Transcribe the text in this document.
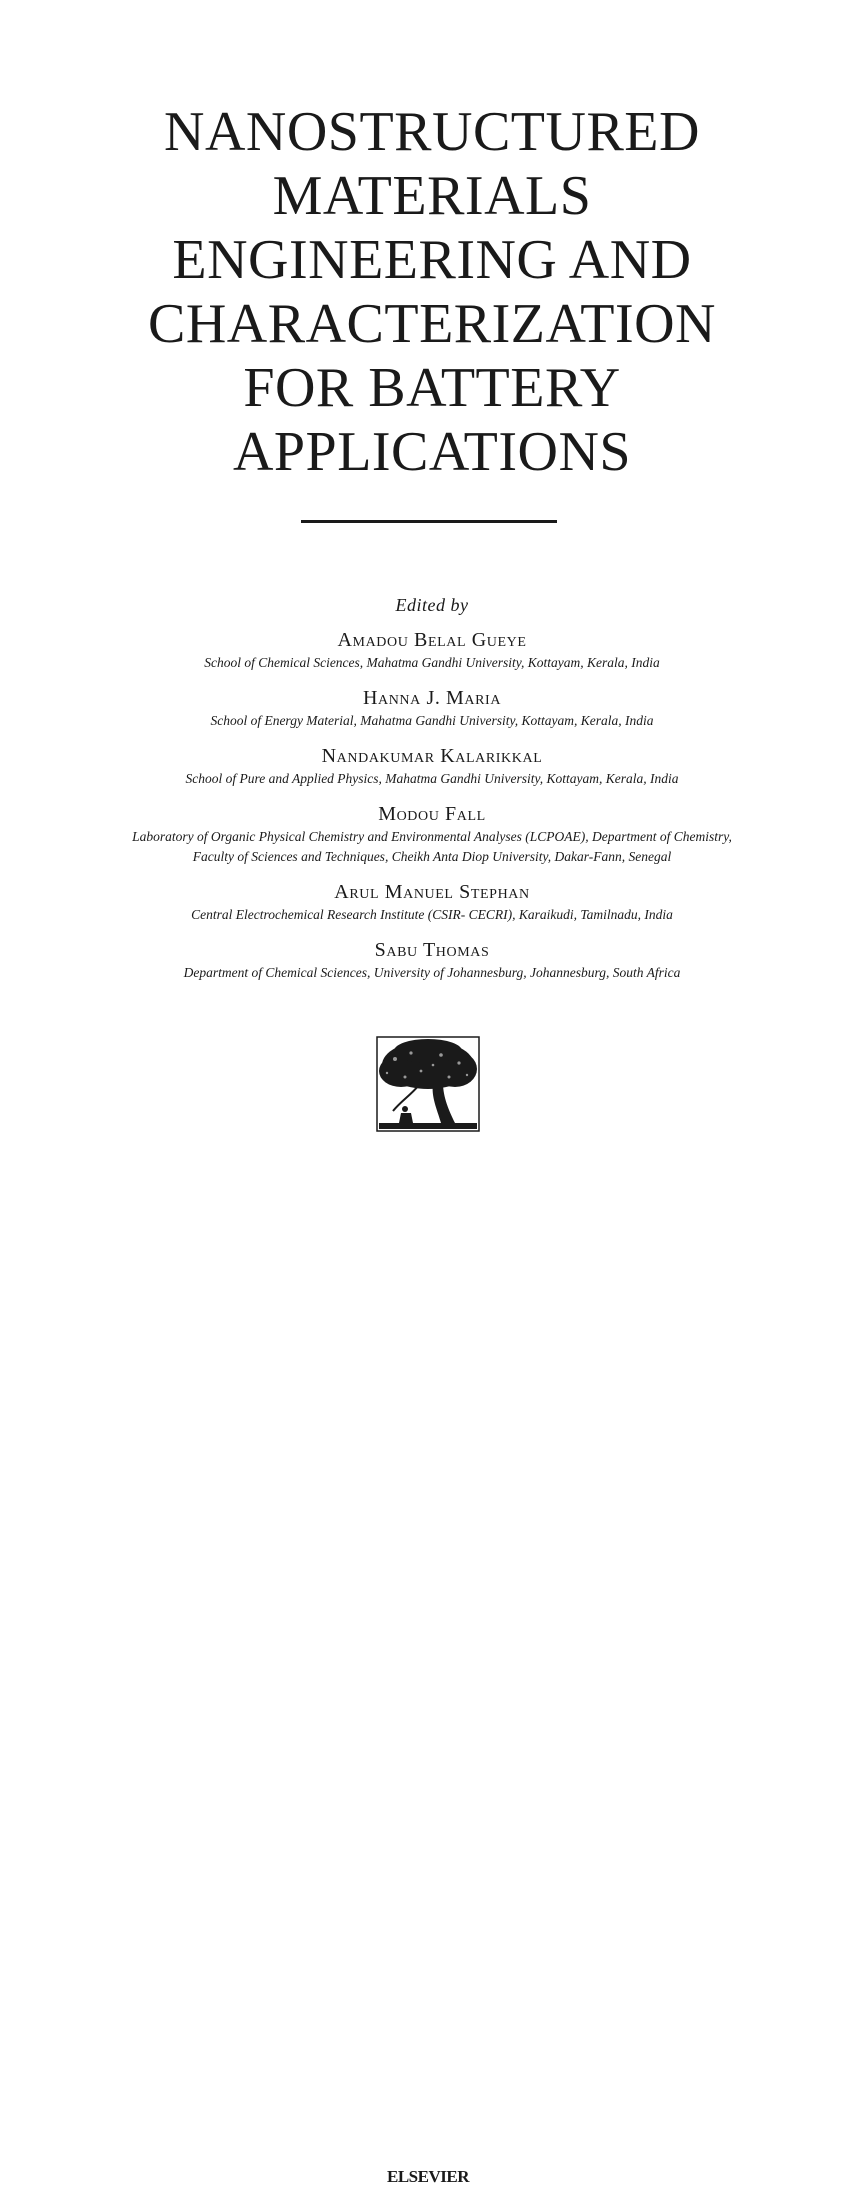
NANOSTRUCTURED
MATERIALS
ENGINEERING AND
CHARACTERIZATION
FOR BATTERY
APPLICATIONS
Edited by
Amadou Belal Gueye
School of Chemical Sciences, Mahatma Gandhi University, Kottayam, Kerala, India
Hanna J. Maria
School of Energy Material, Mahatma Gandhi University, Kottayam, Kerala, India
Nandakumar Kalarikkal
School of Pure and Applied Physics, Mahatma Gandhi University, Kottayam, Kerala, India
Modou Fall
Laboratory of Organic Physical Chemistry and Environmental Analyses (LCPOAE), Department of Chemistry, Faculty of Sciences and Techniques, Cheikh Anta Diop University, Dakar-Fann, Senegal
Arul Manuel Stephan
Central Electrochemical Research Institute (CSIR- CECRI), Karaikudi, Tamilnadu, India
Sabu Thomas
Department of Chemical Sciences, University of Johannesburg, Johannesburg, South Africa
ELSEVIER
